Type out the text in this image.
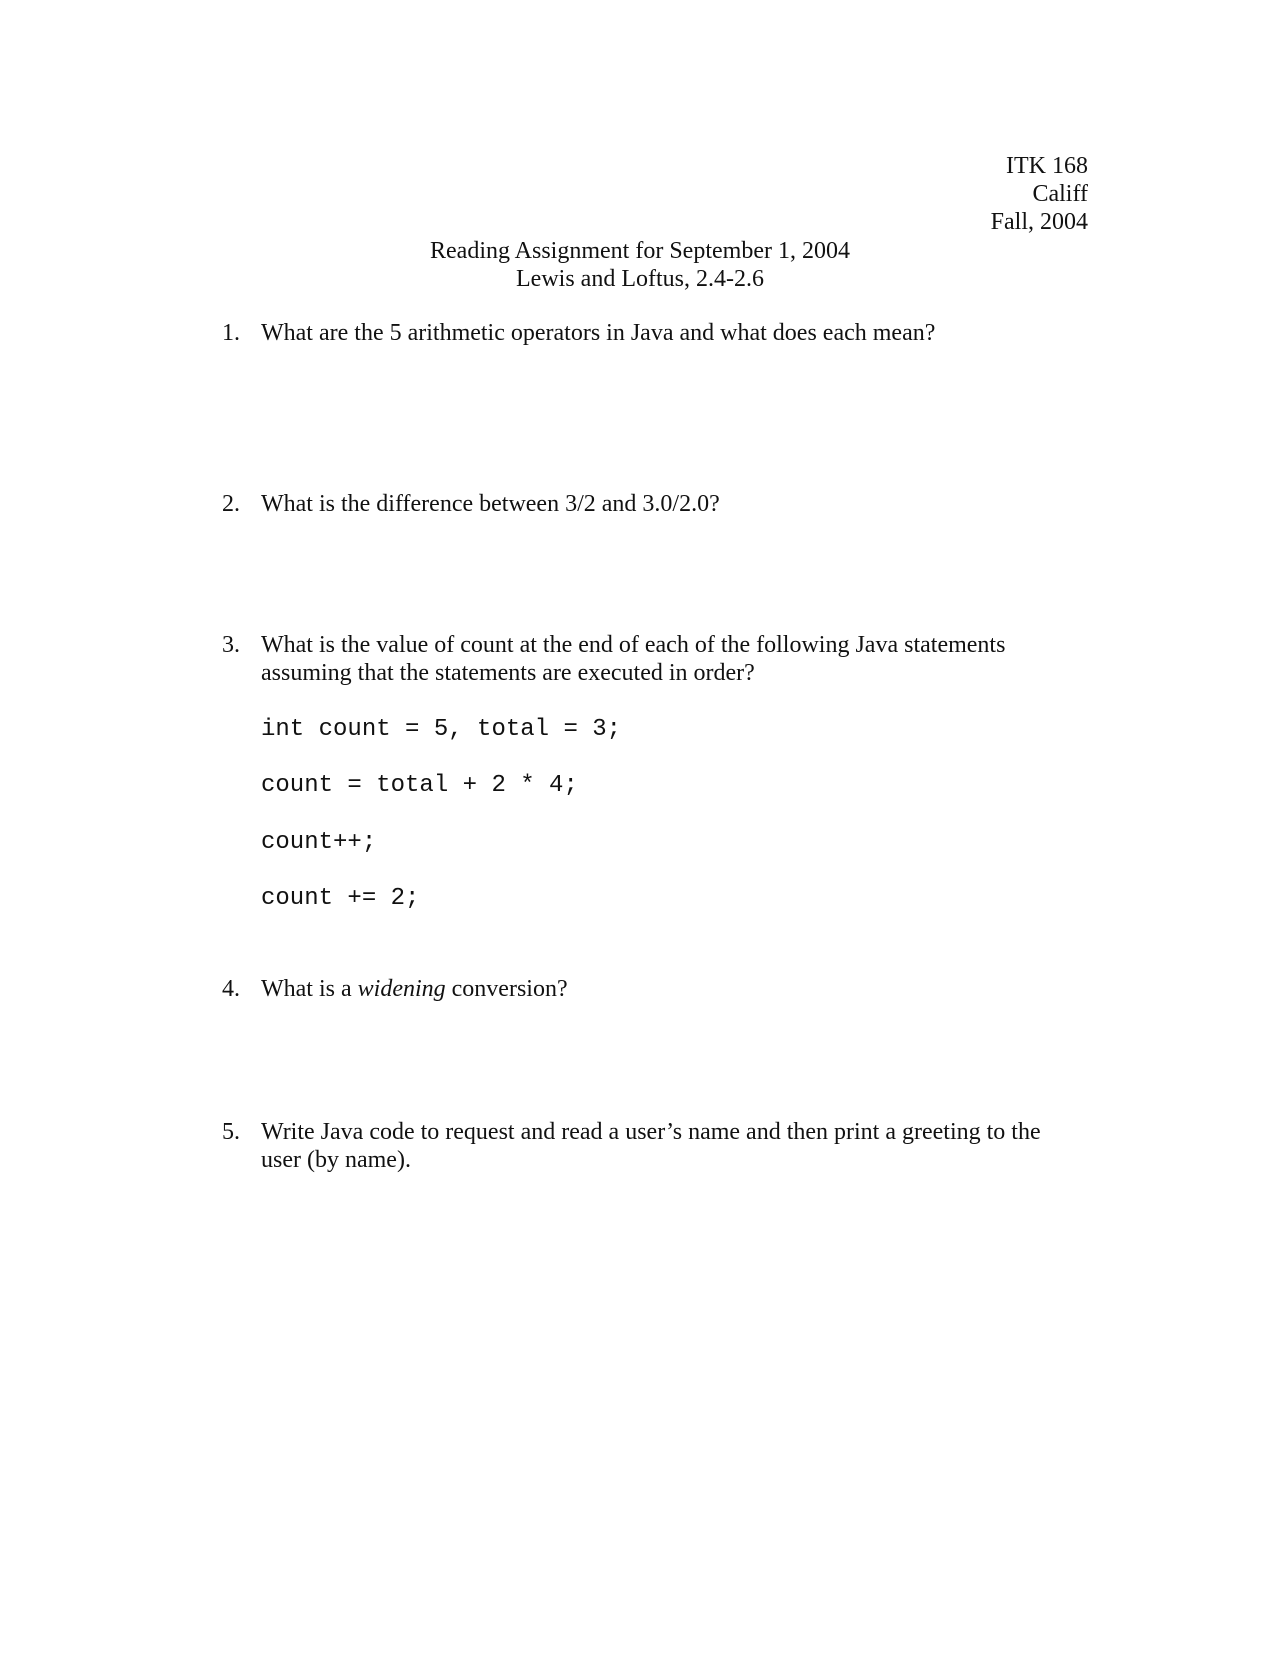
ITK 168
Califf
Fall, 2004
Reading Assignment for September 1, 2004
Lewis and Loftus, 2.4-2.6
1. What are the 5 arithmetic operators in Java and what does each mean?
2. What is the difference between 3/2 and 3.0/2.0?
3. What is the value of count at the end of each of the following Java statements
assuming that the statements are executed in order?
int count = 5, total = 3;
count = total + 2 * 4;
count++;
count += 2;
4. What is a widening conversion?
5. Write Java code to request and read a user’s name and then print a greeting to the
user (by name).
